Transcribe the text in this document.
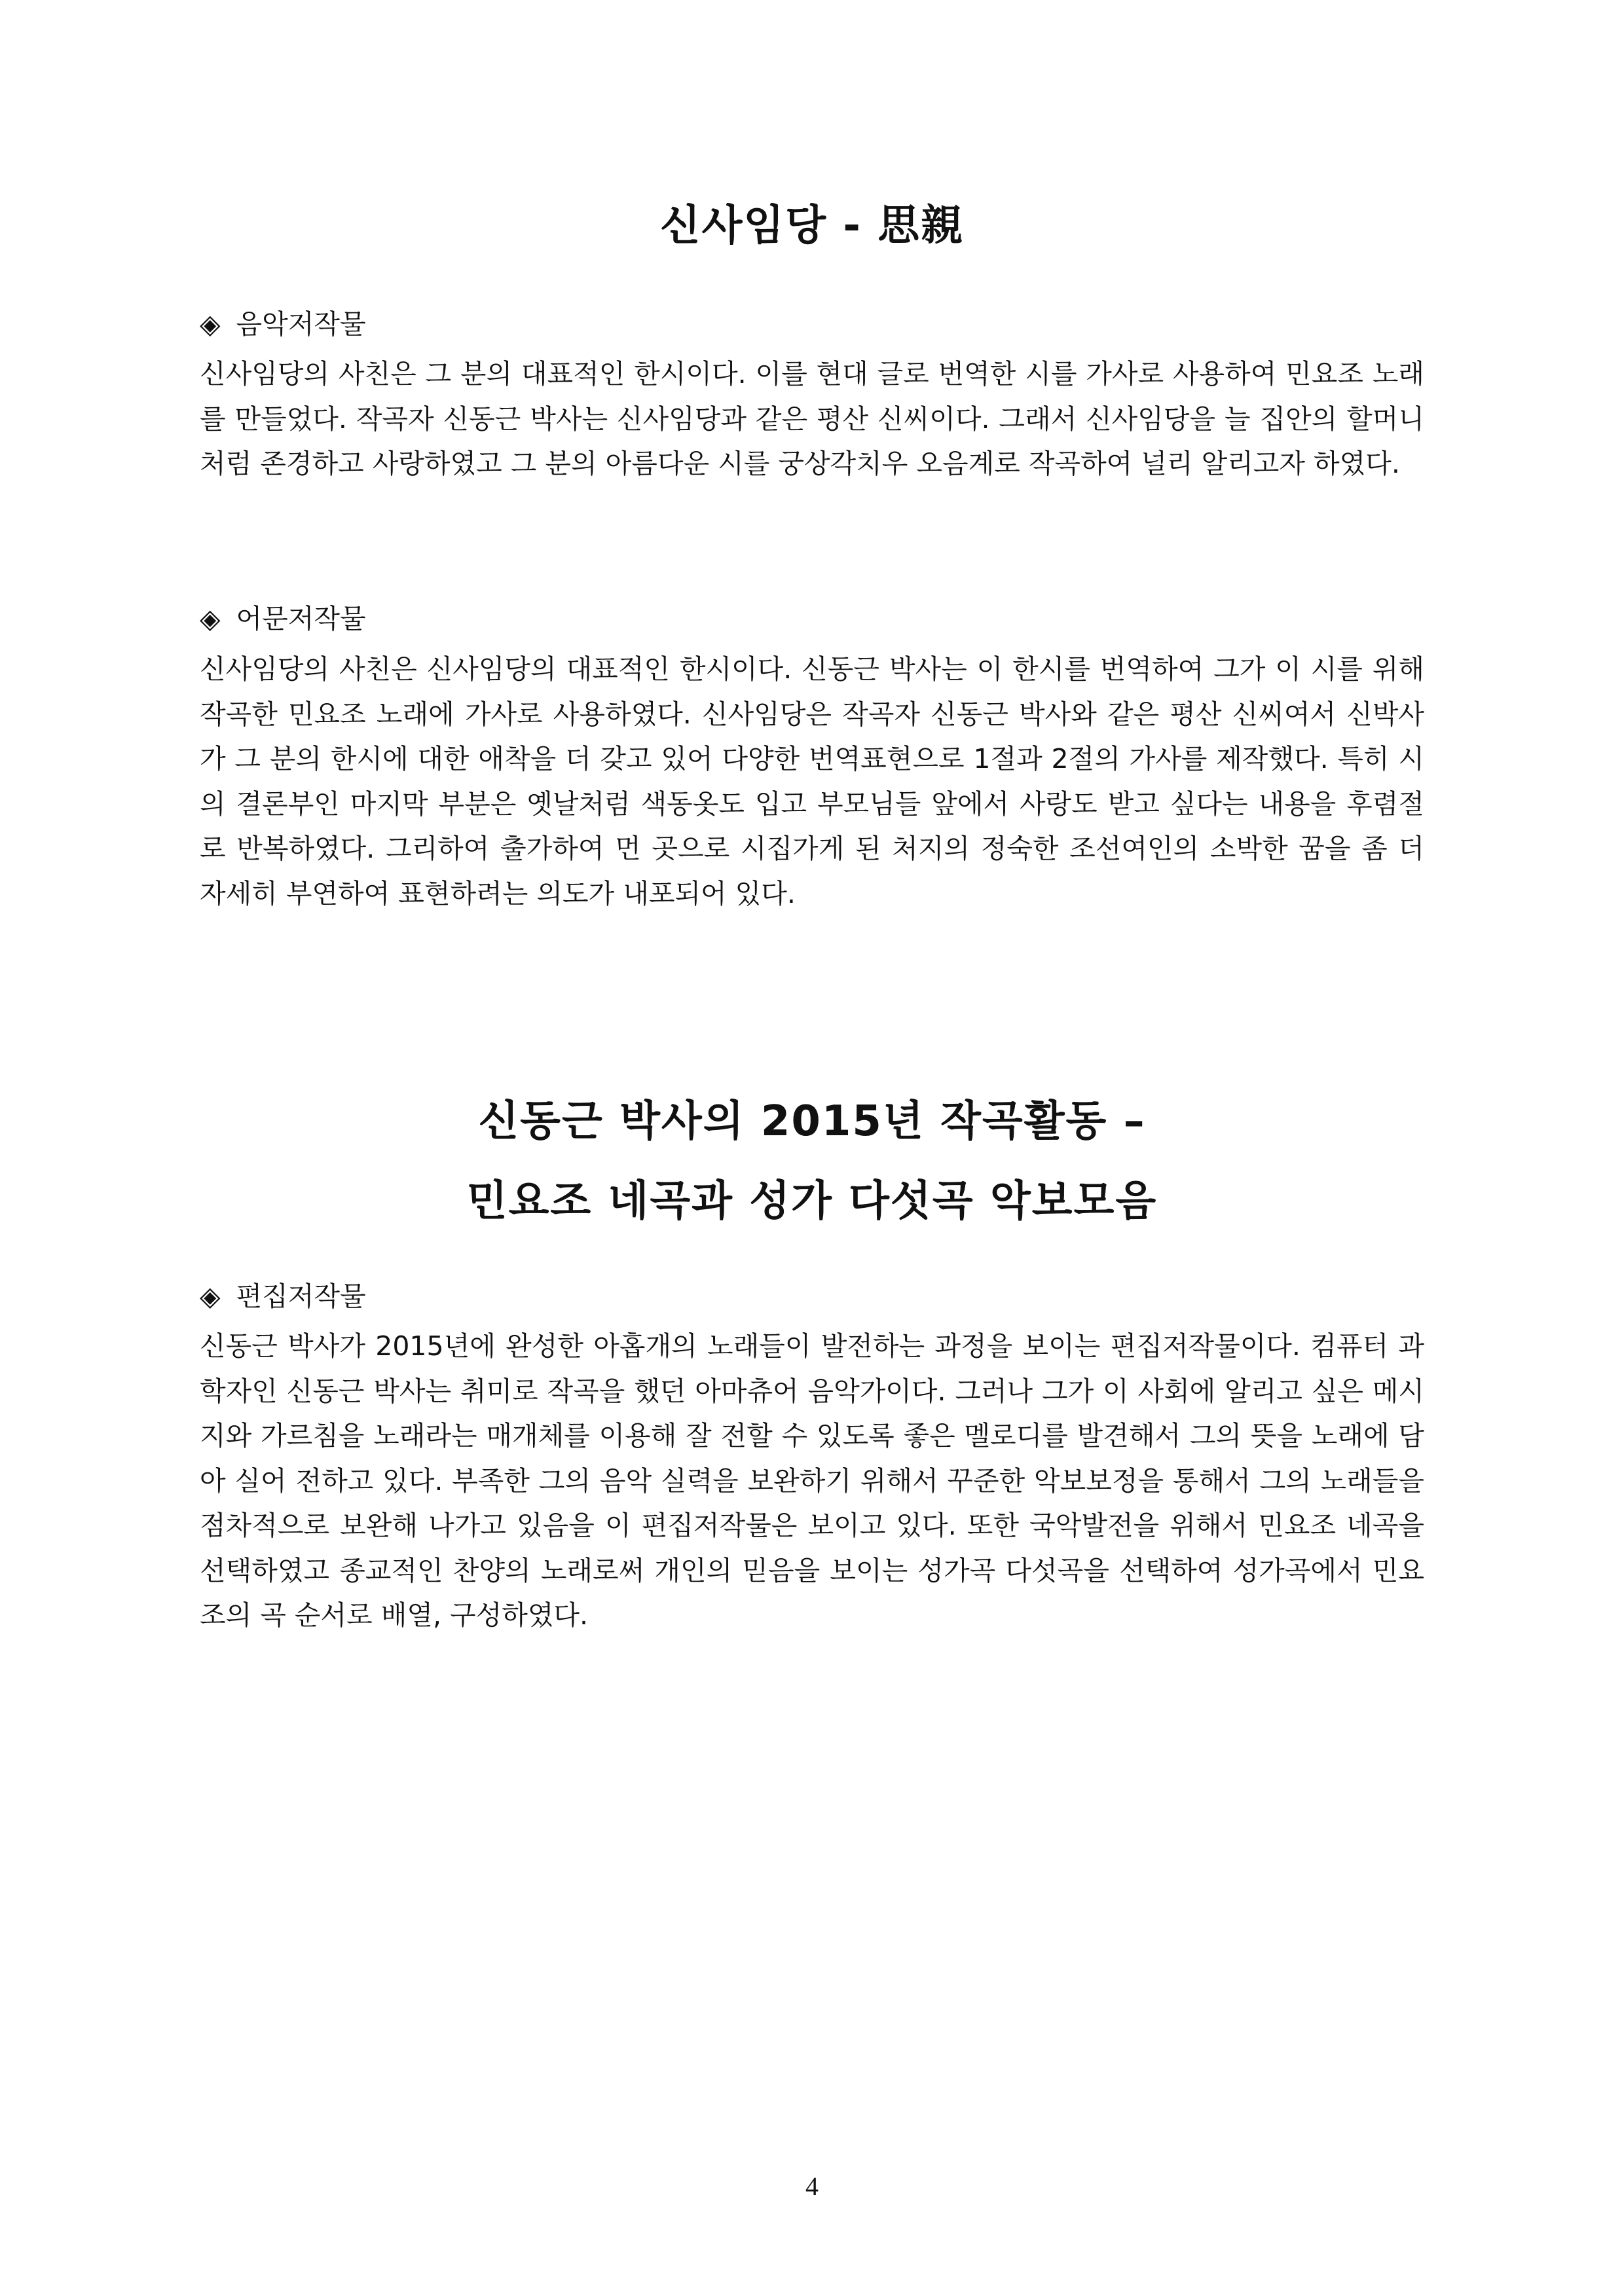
신사임당 - 思親
◈ 음악저작물
신사임당의 사친은 그 분의 대표적인 한시이다. 이를 현대 글로 번역한 시를 가사로 사용하여 민요조 노래를 만들었다. 작곡자 신동근 박사는 신사임당과 같은 평산 신씨이다. 그래서 신사임당을 늘 집안의 할머니처럼 존경하고 사랑하였고 그 분의 아름다운 시를 궁상각치우 오음계로 작곡하여 널리 알리고자 하였다.
◈ 어문저작물
신사임당의 사친은 신사임당의 대표적인 한시이다. 신동근 박사는 이 한시를 번역하여 그가 이 시를 위해 작곡한 민요조 노래에 가사로 사용하였다. 신사임당은 작곡자 신동근 박사와 같은 평산 신씨여서 신박사가 그 분의 한시에 대한 애착을 더 갖고 있어 다양한 번역표현으로 1절과 2절의 가사를 제작했다. 특히 시의 결론부인 마지막 부분은 옛날처럼 색동옷도 입고 부모님들 앞에서 사랑도 받고 싶다는 내용을 후렴절로 반복하였다. 그리하여 출가하여 먼 곳으로 시집가게 된 처지의 정숙한 조선여인의 소박한 꿈을 좀 더 자세히 부연하여 표현하려는 의도가 내포되어 있다.
신동근 박사의 2015년 작곡활동 –
민요조 네곡과 성가 다섯곡 악보모음
◈ 편집저작물
신동근 박사가 2015년에 완성한 아홉개의 노래들이 발전하는 과정을 보이는 편집저작물이다. 컴퓨터 과학자인 신동근 박사는 취미로 작곡을 했던 아마츄어 음악가이다. 그러나 그가 이 사회에 알리고 싶은 메시지와 가르침을 노래라는 매개체를 이용해 잘 전할 수 있도록 좋은 멜로디를 발견해서 그의 뜻을 노래에 담아 실어 전하고 있다. 부족한 그의 음악 실력을 보완하기 위해서 꾸준한 악보보정을 통해서 그의 노래들을 점차적으로 보완해 나가고 있음을 이 편집저작물은 보이고 있다. 또한 국악발전을 위해서 민요조 네곡을 선택하였고 종교적인 찬양의 노래로써 개인의 믿음을 보이는 성가곡 다섯곡을 선택하여 성가곡에서 민요조의 곡 순서로 배열, 구성하였다.
4
